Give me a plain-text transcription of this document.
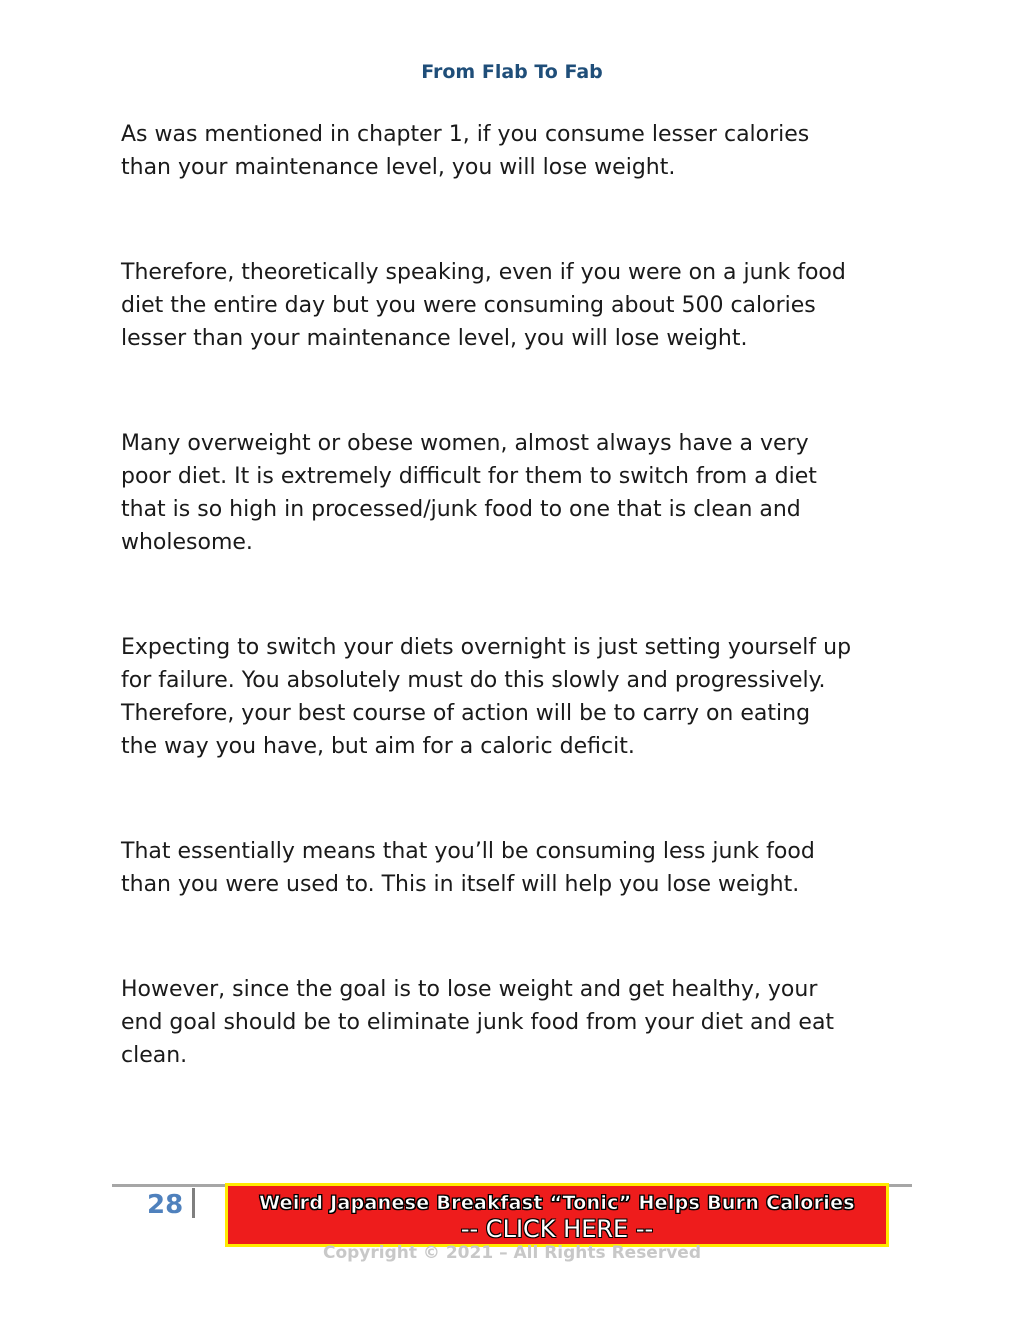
From Flab To Fab

As was mentioned in chapter 1, if you consume lesser calories
than your maintenance level, you will lose weight.

Therefore, theoretically speaking, even if you were on a junk food
diet the entire day but you were consuming about 500 calories
lesser than your maintenance level, you will lose weight.

Many overweight or obese women, almost always have a very
poor diet. It is extremely difficult for them to switch from a diet
that is so high in processed/junk food to one that is clean and
wholesome.

Expecting to switch your diets overnight is just setting yourself up
for failure. You absolutely must do this slowly and progressively.
Therefore, your best course of action will be to carry on eating
the way you have, but aim for a caloric deficit.

That essentially means that you’ll be consuming less junk food
than you were used to. This in itself will help you lose weight.

However, since the goal is to lose weight and get healthy, your
end goal should be to eliminate junk food from your diet and eat
clean.

28	Weird Japanese Breakfast “Tonic” Helps Burn Calories
-- CLICK HERE --
Copyright © 2021 – All Rights Reserved
